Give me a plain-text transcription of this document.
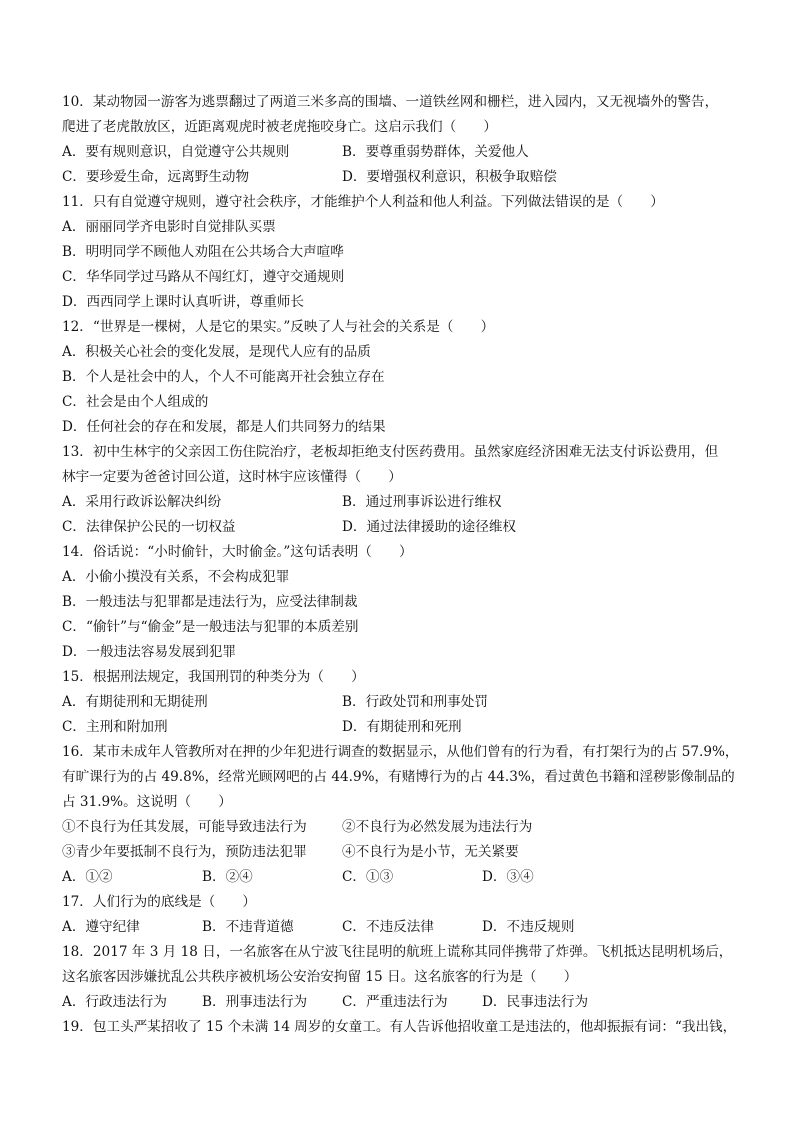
10．某动物园一游客为逃票翻过了两道三米多高的围墙、一道铁丝网和栅栏，进入园内，又无视墙外的警告，
爬进了老虎散放区，近距离观虎时被老虎拖咬身亡。这启示我们（　　）
A．要有规则意识，自觉遵守公共规则	B．要尊重弱势群体，关爱他人
C．要珍爱生命，远离野生动物	D．要增强权利意识，积极争取赔偿
11．只有自觉遵守规则，遵守社会秩序，才能维护个人利益和他人利益。下列做法错误的是（　　）
A．丽丽同学齐电影时自觉排队买票
B．明明同学不顾他人劝阻在公共场合大声喧哗
C．华华同学过马路从不闯红灯，遵守交通规则
D．西西同学上课时认真听讲，尊重师长
12．“世界是一棵树，人是它的果实。”反映了人与社会的关系是（　　）
A．积极关心社会的变化发展，是现代人应有的品质
B．个人是社会中的人，个人不可能离开社会独立存在
C．社会是由个人组成的
D．任何社会的存在和发展，都是人们共同努力的结果
13．初中生林宇的父亲因工伤住院治疗，老板却拒绝支付医药费用。虽然家庭经济困难无法支付诉讼费用，但
林宇一定要为爸爸讨回公道，这时林宇应该懂得（　　）
A．采用行政诉讼解决纠纷	B．通过刑事诉讼进行维权
C．法律保护公民的一切权益	D．通过法律援助的途径维权
14．俗话说：“小时偷针，大时偷金。”这句话表明（　　）
A．小偷小摸没有关系，不会构成犯罪
B．一般违法与犯罪都是违法行为，应受法律制裁
C．“偷针”与“偷金”是一般违法与犯罪的本质差别
D．一般违法容易发展到犯罪
15．根据刑法规定，我国刑罚的种类分为（　　）
A．有期徒刑和无期徒刑	B．行政处罚和刑事处罚
C．主刑和附加刑	D．有期徒刑和死刑
16．某市未成年人管教所对在押的少年犯进行调查的数据显示，从他们曾有的行为看，有打架行为的占 57.9%，
有旷课行为的占 49.8%，经常光顾网吧的占 44.9%，有赌博行为的占 44.3%，看过黄色书籍和淫秽影像制品的
占 31.9%。这说明（　　）
①不良行为任其发展，可能导致违法行为	②不良行为必然发展为违法行为
③青少年要抵制不良行为，预防违法犯罪	④不良行为是小节，无关紧要
A．①②	B．②④	C．①③	D．③④
17．人们行为的底线是（　　）
A．遵守纪律	B．不违背道德	C．不违反法律	D．不违反规则
18．2017 年 3 月 18 日，一名旅客在从宁波飞往昆明的航班上谎称其同伴携带了炸弹。飞机抵达昆明机场后，
这名旅客因涉嫌扰乱公共秩序被机场公安治安拘留 15 日。这名旅客的行为是（　　）
A．行政违法行为	B．刑事违法行为	C．严重违法行为	D．民事违法行为
19．包工头严某招收了 15 个未满 14 周岁的女童工。有人告诉他招收童工是违法的，他却振振有词：“我出钱，
